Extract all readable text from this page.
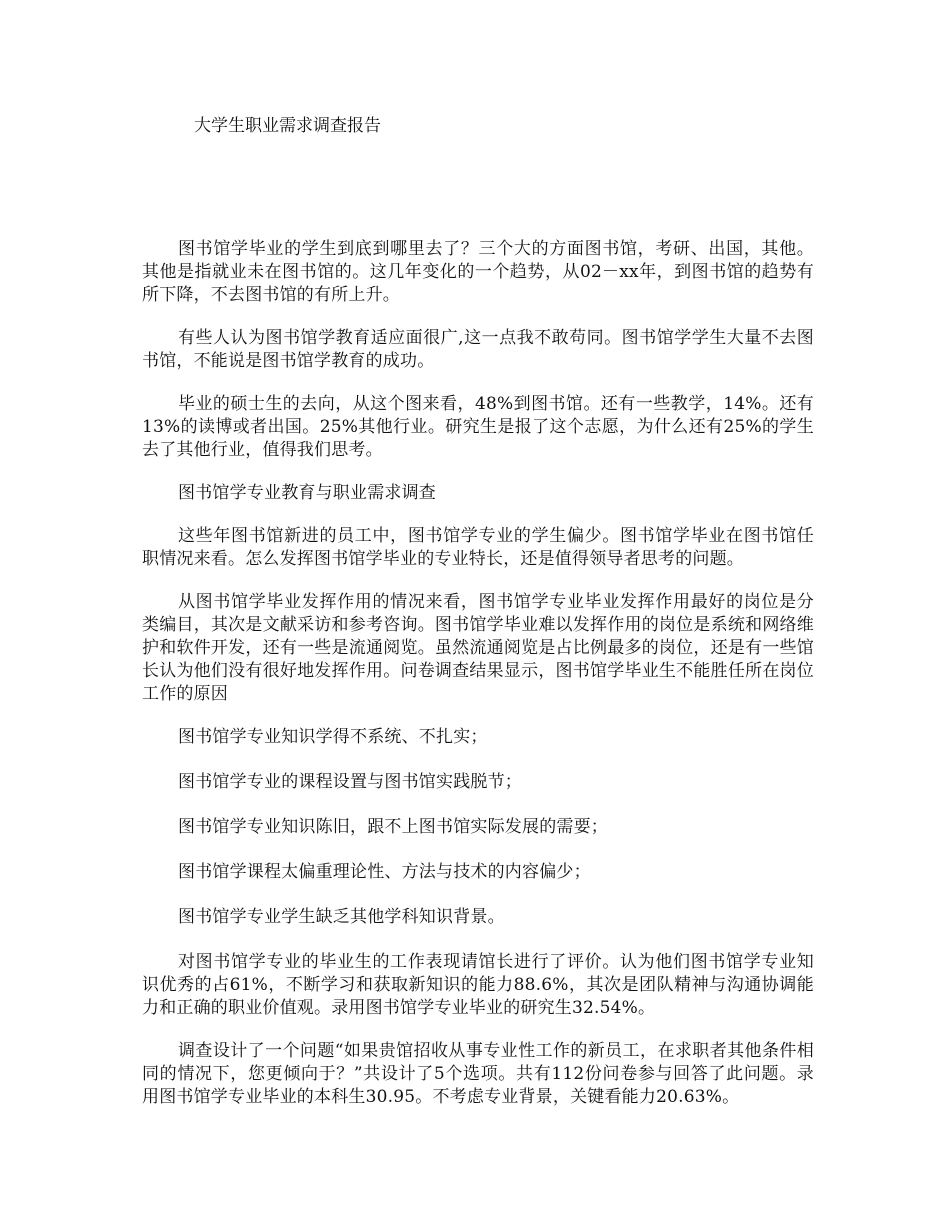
大学生职业需求调查报告

图书馆学毕业的学生到底到哪里去了？三个大的方面图书馆，考研、出国，其他。其他是指就业未在图书馆的。这几年变化的一个趋势，从02－xx年，到图书馆的趋势有所下降，不去图书馆的有所上升。

有些人认为图书馆学教育适应面很广,这一点我不敢苟同。图书馆学学生大量不去图书馆，不能说是图书馆学教育的成功。

毕业的硕士生的去向，从这个图来看，48%到图书馆。还有一些教学，14%。还有13%的读博或者出国。25%其他行业。研究生是报了这个志愿，为什么还有25%的学生去了其他行业，值得我们思考。

图书馆学专业教育与职业需求调查

这些年图书馆新进的员工中，图书馆学专业的学生偏少。图书馆学毕业在图书馆任职情况来看。怎么发挥图书馆学毕业的专业特长，还是值得领导者思考的问题。

从图书馆学毕业发挥作用的情况来看，图书馆学专业毕业发挥作用最好的岗位是分类编目，其次是文献采访和参考咨询。图书馆学毕业难以发挥作用的岗位是系统和网络维护和软件开发，还有一些是流通阅览。虽然流通阅览是占比例最多的岗位，还是有一些馆长认为他们没有很好地发挥作用。问卷调查结果显示，图书馆学毕业生不能胜任所在岗位工作的原因

图书馆学专业知识学得不系统、不扎实；

图书馆学专业的课程设置与图书馆实践脱节；

图书馆学专业知识陈旧，跟不上图书馆实际发展的需要；

图书馆学课程太偏重理论性、方法与技术的内容偏少；

图书馆学专业学生缺乏其他学科知识背景。

对图书馆学专业的毕业生的工作表现请馆长进行了评价。认为他们图书馆学专业知识优秀的占61%，不断学习和获取新知识的能力88.6%，其次是团队精神与沟通协调能力和正确的职业价值观。录用图书馆学专业毕业的研究生32.54%。

调查设计了一个问题“如果贵馆招收从事专业性工作的新员工，在求职者其他条件相同的情况下，您更倾向于？”共设计了5个选项。共有112份问卷参与回答了此问题。录用图书馆学专业毕业的本科生30.95。不考虑专业背景，关键看能力20.63%。
